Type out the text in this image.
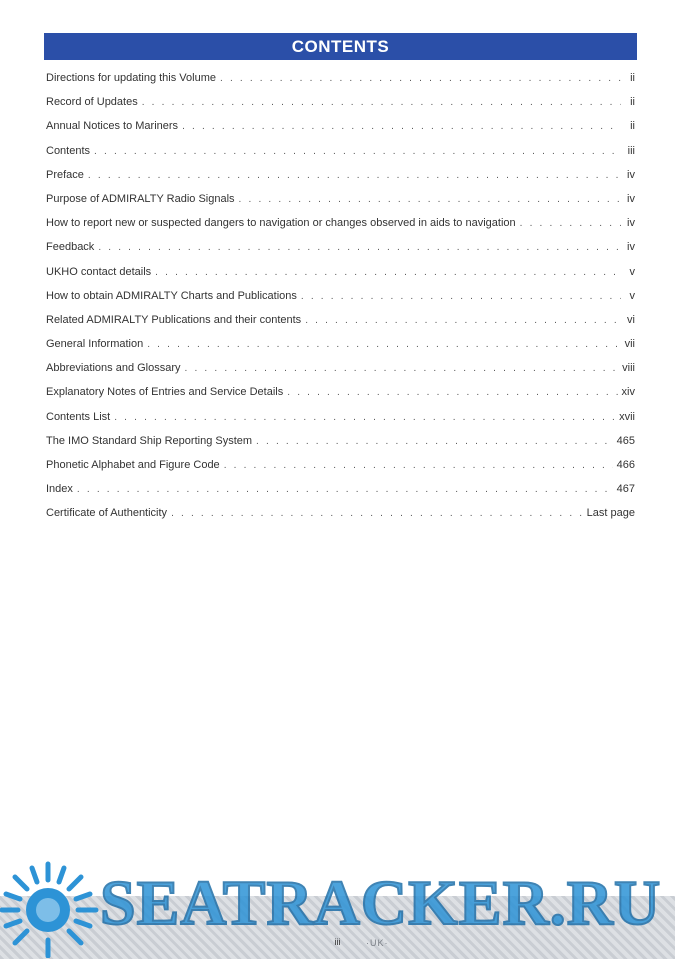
CONTENTS
Directions for updating this Volume . . .	ii
Record of Updates . . .	ii
Annual Notices to Mariners . . .	ii
Contents . . .	iii
Preface . . .	iv
Purpose of ADMIRALTY Radio Signals . . .	iv
How to report new or suspected dangers to navigation or changes observed in aids to navigation . . .	iv
Feedback . . .	iv
UKHO contact details . . .	v
How to obtain ADMIRALTY Charts and Publications . . .	v
Related ADMIRALTY Publications and their contents . . .	vi
General Information . . .	vii
Abbreviations and Glossary . . .	viii
Explanatory Notes of Entries and Service Details . . .	xiv
Contents List . . .	xvii
The IMO Standard Ship Reporting System . . .	465
Phonetic Alphabet and Figure Code . . .	466
Index . . .	467
Certificate of Authenticity . . .	Last page
SEATRACKER.RU
·UK·
iii
